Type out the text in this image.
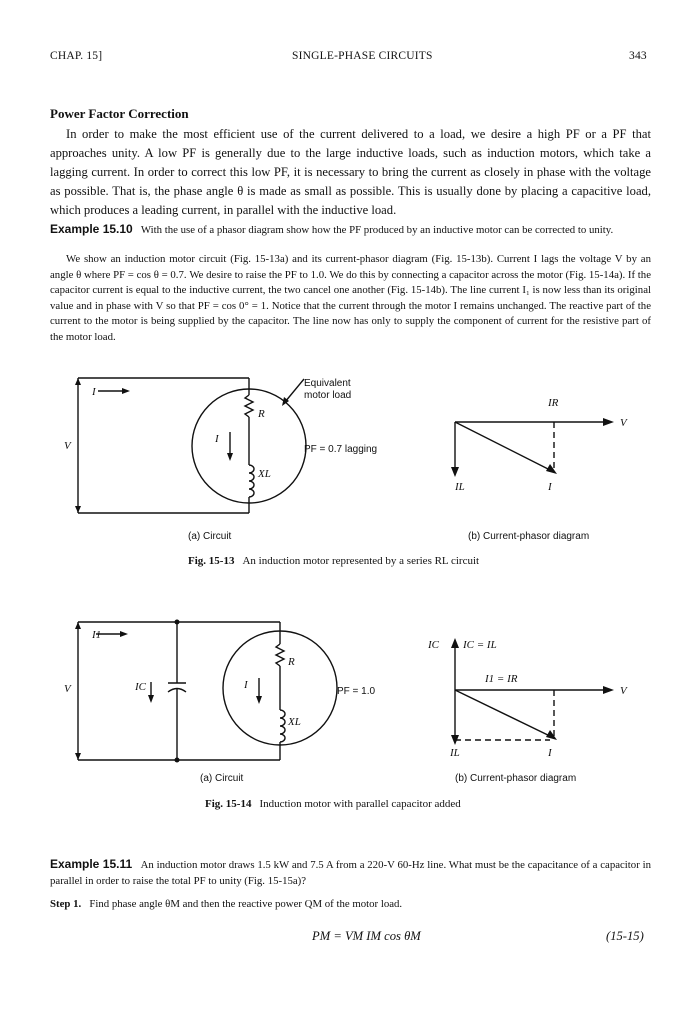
CHAP. 15]	SINGLE-PHASE CIRCUITS	343
Power Factor Correction
In order to make the most efficient use of the current delivered to a load, we desire a high PF or a PF that approaches unity. A low PF is generally due to the large inductive loads, such as induction motors, which take a lagging current. In order to correct this low PF, it is necessary to bring the current as closely in phase with the voltage as possible. That is, the phase angle θ is made as small as possible. This is usually done by placing a capacitive load, which produces a leading current, in parallel with the inductive load.
Example 15.10 With the use of a phasor diagram show how the PF produced by an inductive motor can be corrected to unity.
We show an induction motor circuit (Fig. 15-13a) and its current-phasor diagram (Fig. 15-13b). Current I lags the voltage V by an angle θ where PF = cos θ = 0.7. We desire to raise the PF to 1.0. We do this by connecting a capacitor across the motor (Fig. 15-14a). If the capacitor current is equal to the inductive current, the two cancel one another (Fig. 15-14b). The line current I₁ is now less than its original value and in phase with V so that PF = cos 0° = 1. Notice that the current through the motor I remains unchanged. The reactive part of the current to the motor is being supplied by the capacitor. The line now has only to supply the component of current for the resistive part of the motor load.
I
V
R
I
XL
Equivalent
motor load
PF = 0.7 lagging
IR
V
IL	I
(a) Circuit	(b) Current-phasor diagram
Fig. 15-13 An induction motor represented by a series RL circuit
I1
V	IC	I
R
XL
PF = 1.0
IC IC = IL
I1 = IR
V
IL	I
(a) Circuit	(b) Current-phasor diagram
Fig. 15-14 Induction motor with parallel capacitor added
Example 15.11 An induction motor draws 1.5 kW and 7.5 A from a 220-V 60-Hz line. What must be the capacitance of a capacitor in parallel in order to raise the total PF to unity (Fig. 15-15a)?
Step 1. Find phase angle θM and then the reactive power QM of the motor load.
PM = VM IM cos θM	(15-15)
